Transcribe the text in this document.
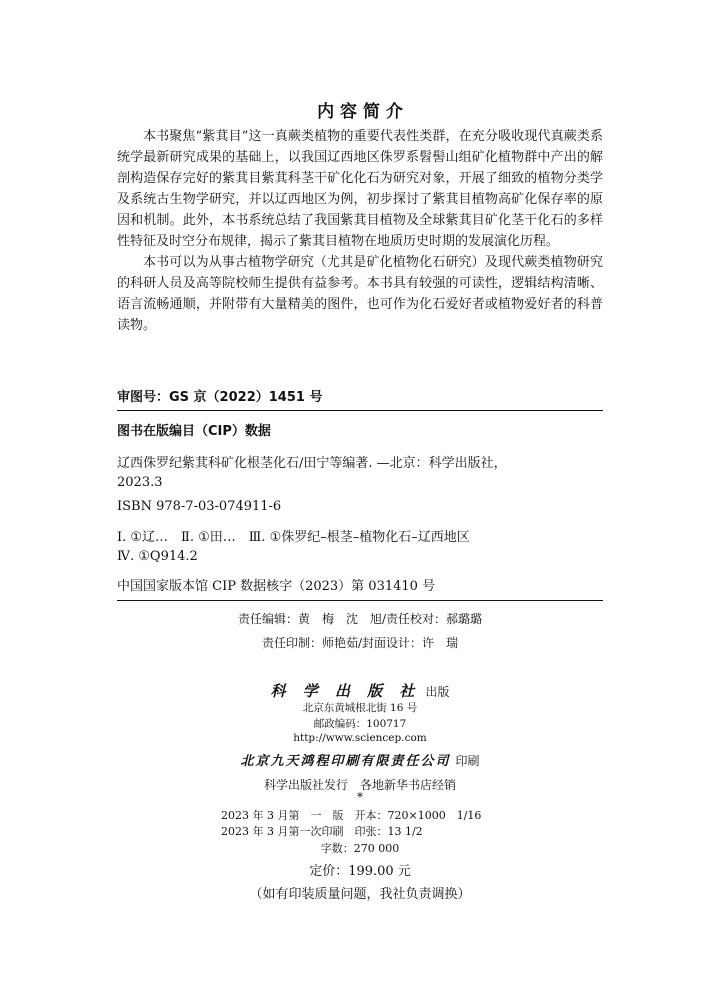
内 容 简 介

本书聚焦“紫萁目”这一真蕨类植物的重要代表性类群，在充分吸收现代真蕨类系统学最新研究成果的基础上，以我国辽西地区侏罗系髫髻山组矿化植物群中产出的解剖构造保存完好的紫萁目紫萁科茎干矿化化石为研究对象，开展了细致的植物分类学及系统古生物学研究，并以辽西地区为例，初步探讨了紫萁目植物高矿化保存率的原因和机制。此外，本书系统总结了我国紫萁目植物及全球紫萁目矿化茎干化石的多样性特征及时空分布规律，揭示了紫萁目植物在地质历史时期的发展演化历程。

本书可以为从事古植物学研究（尤其是矿化植物化石研究）及现代蕨类植物研究的科研人员及高等院校师生提供有益参考。本书具有较强的可读性，逻辑结构清晰、语言流畅通顺，并附带有大量精美的图件，也可作为化石爱好者或植物爱好者的科普读物。

审图号：GS 京（2022）1451 号
图书在版编目（CIP）数据
辽西侏罗纪紫萁科矿化根茎化石/田宁等编著. —北京：科学出版社，
2023.3
ISBN 978-7-03-074911-6
Ⅰ. ①辽…　Ⅱ. ①田…　Ⅲ. ①侏罗纪–根茎–植物化石–辽西地区
Ⅳ. ①Q914.2
中国国家版本馆 CIP 数据核字（2023）第 031410 号
责任编辑：黄　梅　沈　旭/责任校对：郝璐璐
责任印制：师艳茹/封面设计：许　瑞
科 学 出 版 社 出版
北京东黄城根北街 16 号
邮政编码：100717
http://www.sciencep.com
北京九天鸿程印刷有限责任公司 印刷
科学出版社发行　各地新华书店经销
*
2023 年 3 月第　一　版　开本：720×1000　1/16
2023 年 3 月第一次印刷　印张：13 1/2
字数：270 000
定价：199.00 元
（如有印装质量问题，我社负责调换）
